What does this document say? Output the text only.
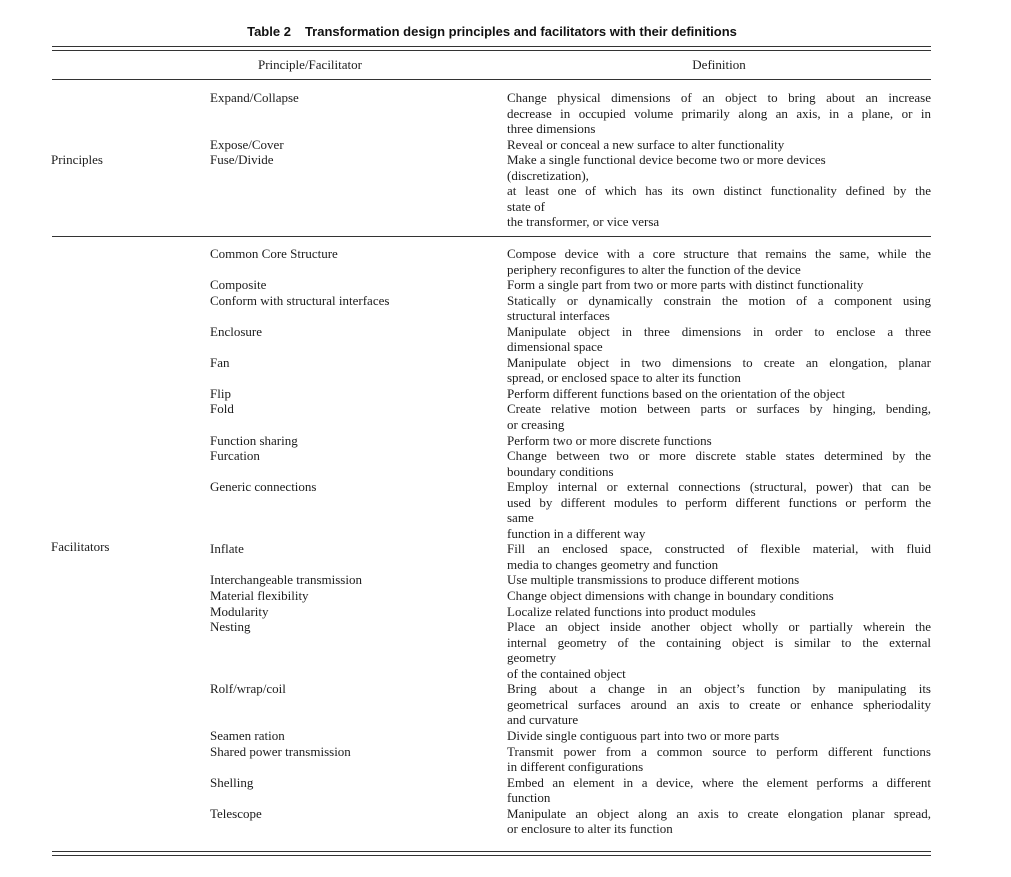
Table 2 Transformation design principles and facilitators with their definitions
Principle/Facilitator	Definition
Principles
Expand/Collapse	Change physical dimensions of an object to bring about an increase
decrease in occupied volume primarily along an axis, in a plane, or in
three dimensions
Expose/Cover	Reveal or conceal a new surface to alter functionality
Fuse/Divide	Make a single functional device become two or more devices
(discretization),
at least one of which has its own distinct functionality defined by the
state of
the transformer, or vice versa
Facilitators
Common Core Structure	Compose device with a core structure that remains the same, while the
periphery reconfigures to alter the function of the device
Composite	Form a single part from two or more parts with distinct functionality
Conform with structural interfaces	Statically or dynamically constrain the motion of a component using
structural interfaces
Enclosure	Manipulate object in three dimensions in order to enclose a three
dimensional space
Fan	Manipulate object in two dimensions to create an elongation, planar
spread, or enclosed space to alter its function
Flip	Perform different functions based on the orientation of the object
Fold	Create relative motion between parts or surfaces by hinging, bending,
or creasing
Function sharing	Perform two or more discrete functions
Furcation	Change between two or more discrete stable states determined by the
boundary conditions
Generic connections	Employ internal or external connections (structural, power) that can be
used by different modules to perform different functions or perform the
same
function in a different way
Inflate	Fill an enclosed space, constructed of flexible material, with fluid
media to changes geometry and function
Interchangeable transmission	Use multiple transmissions to produce different motions
Material flexibility	Change object dimensions with change in boundary conditions
Modularity	Localize related functions into product modules
Nesting	Place an object inside another object wholly or partially wherein the
internal geometry of the containing object is similar to the external
geometry
of the contained object
Rolf/wrap/coil	Bring about a change in an object’s function by manipulating its
geometrical surfaces around an axis to create or enhance spheriodality
and curvature
Seamen ration	Divide single contiguous part into two or more parts
Shared power transmission	Transmit power from a common source to perform different functions
in different configurations
Shelling	Embed an element in a device, where the element performs a different
function
Telescope	Manipulate an object along an axis to create elongation planar spread,
or enclosure to alter its function
